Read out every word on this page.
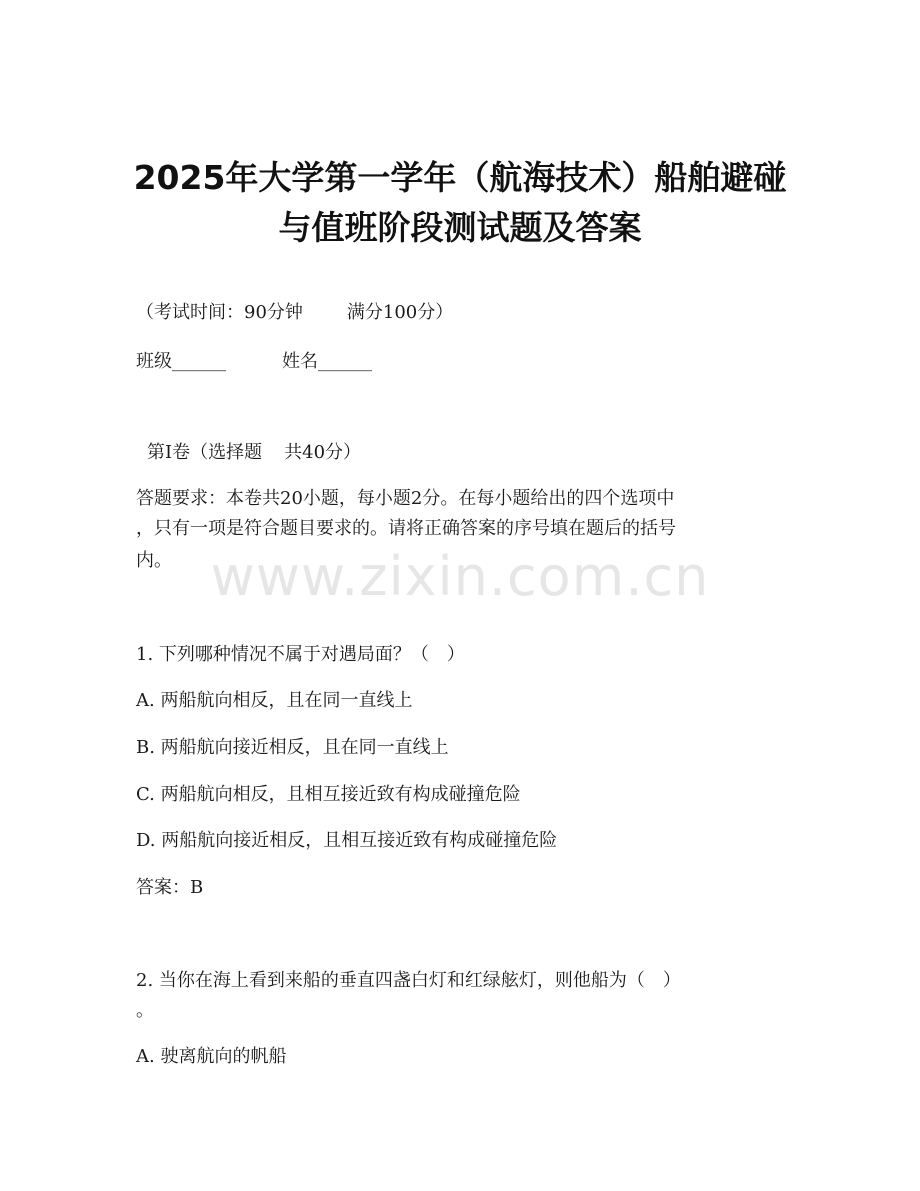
2025年大学第一学年（航海技术）船舶避碰
与值班阶段测试题及答案
（考试时间：90分钟 满分100分）
班级______	姓名______
第I卷（选择题 共40分）
答题要求：本卷共20小题，每小题2分。在每小题给出的四个选项中
，只有一项是符合题目要求的。请将正确答案的序号填在题后的括号
内。
1. 下列哪种情况不属于对遇局面？（　）
A. 两船航向相反，且在同一直线上
B. 两船航向接近相反，且在同一直线上
C. 两船航向相反，且相互接近致有构成碰撞危险
D. 两船航向接近相反，且相互接近致有构成碰撞危险
答案：B
2. 当你在海上看到来船的垂直四盏白灯和红绿舷灯，则他船为（　）
。
A. 驶离航向的帆船
www.zixin.com.cn
